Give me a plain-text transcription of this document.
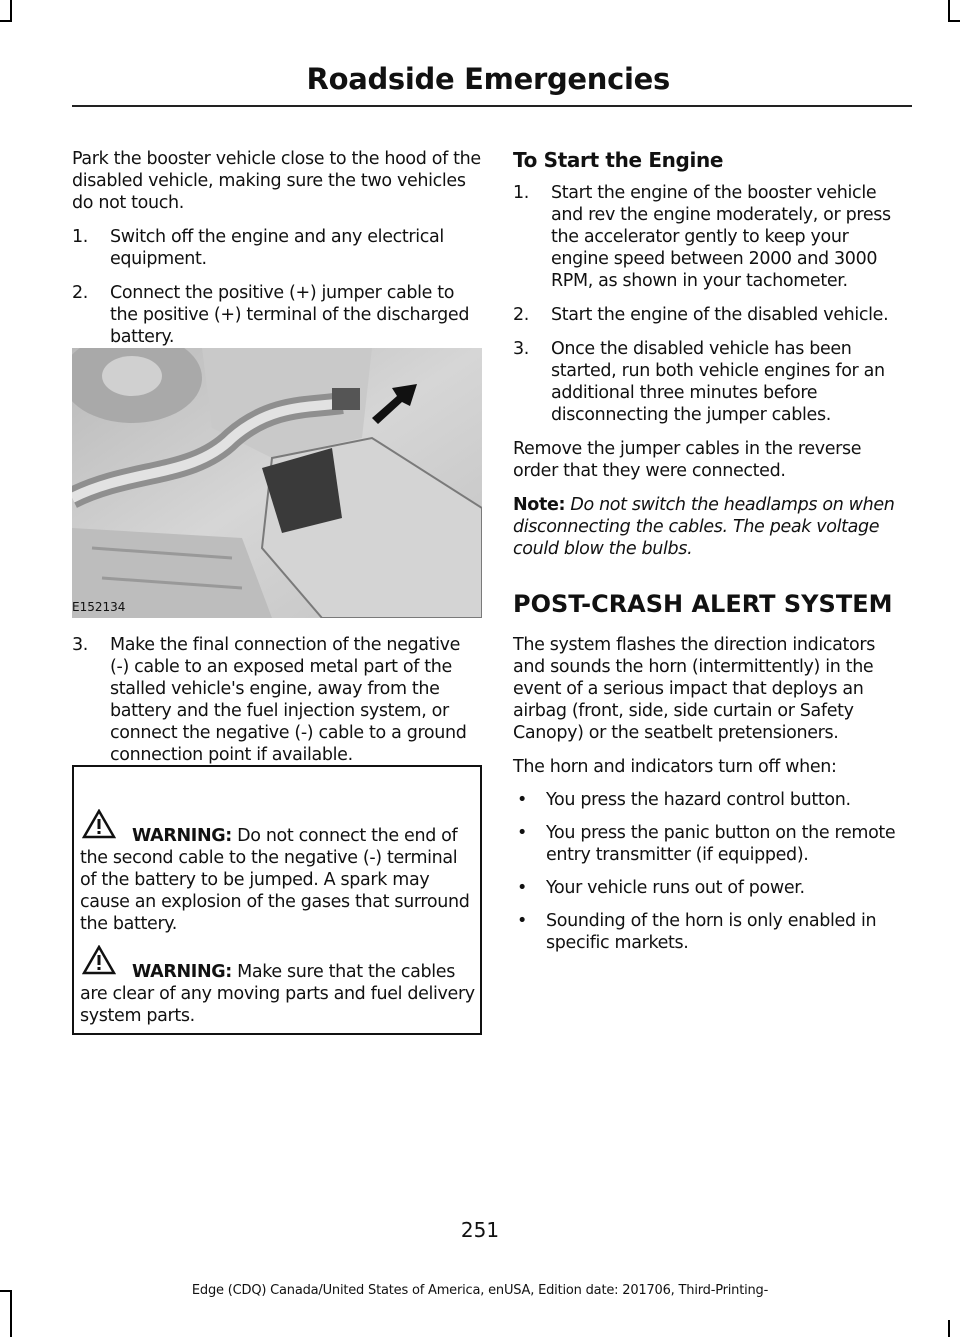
Roadside Emergencies

Park the booster vehicle close to the hood of the disabled vehicle, making sure the two vehicles do not touch.

1. Switch off the engine and any electrical equipment.
2. Connect the positive (+) jumper cable to the positive (+) terminal of the discharged battery.
E152134
3. Make the final connection of the negative (-) cable to an exposed metal part of the stalled vehicle's engine, away from the battery and the fuel injection system, or connect the negative (-) cable to a ground connection point if available.
WARNING: Do not connect the end of the second cable to the negative (-) terminal of the battery to be jumped. A spark may cause an explosion of the gases that surround the battery.
WARNING: Make sure that the cables are clear of any moving parts and fuel delivery system parts.
To Start the Engine
1. Start the engine of the booster vehicle and rev the engine moderately, or press the accelerator gently to keep your engine speed between 2000 and 3000 RPM, as shown in your tachometer.
2. Start the engine of the disabled vehicle.
3. Once the disabled vehicle has been started, run both vehicle engines for an additional three minutes before disconnecting the jumper cables.

Remove the jumper cables in the reverse order that they were connected.

Note: Do not switch the headlamps on when disconnecting the cables. The peak voltage could blow the bulbs.

POST-CRASH ALERT SYSTEM

The system flashes the direction indicators and sounds the horn (intermittently) in the event of a serious impact that deploys an airbag (front, side, side curtain or Safety Canopy) or the seatbelt pretensioners.

The horn and indicators turn off when:

• You press the hazard control button.
• You press the panic button on the remote entry transmitter (if equipped).
• Your vehicle runs out of power.
• Sounding of the horn is only enabled in specific markets.
251
Edge (CDQ) Canada/United States of America, enUSA, Edition date: 201706, Third-Printing-
